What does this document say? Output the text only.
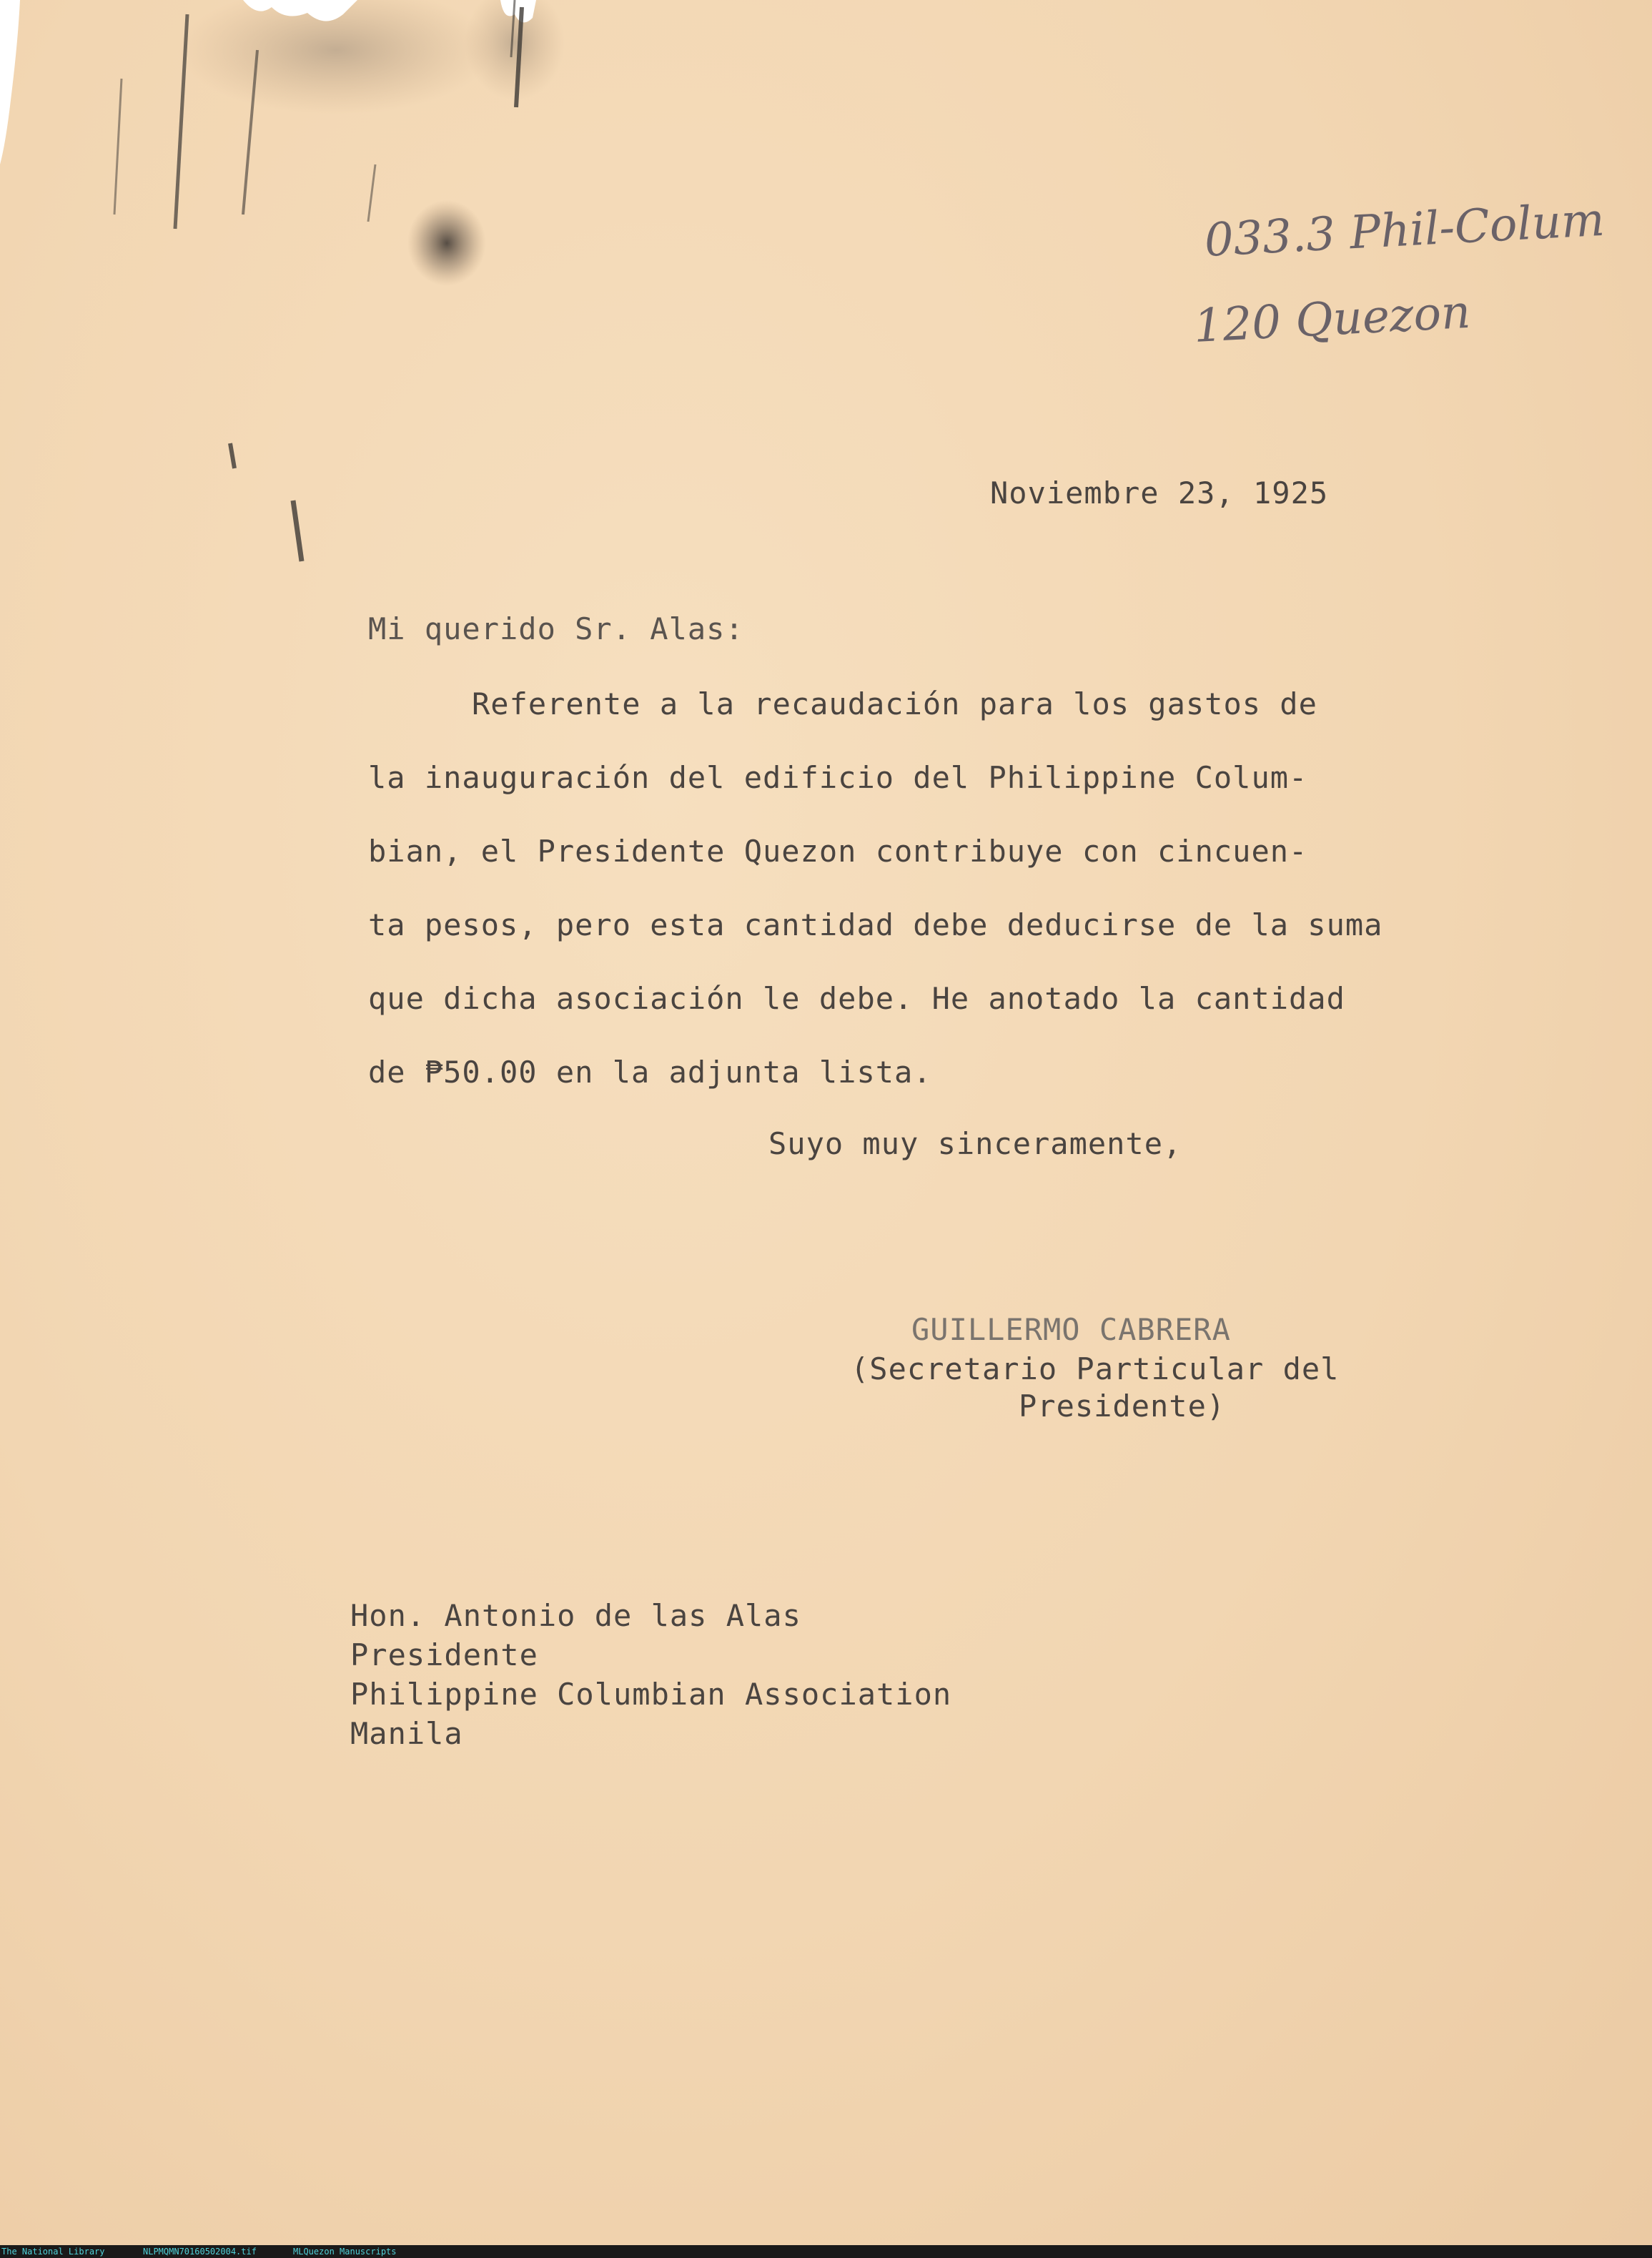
033.3 Phil-Colum
120 Quezon
Noviembre 23, 1925
Mi querido Sr. Alas:
Referente a la recaudación para los gastos de
la inauguración del edificio del Philippine Colum-
bian, el Presidente Quezon contribuye con cincuen-
ta pesos, pero esta cantidad debe deducirse de la suma
que dicha asociación le debe. He anotado la cantidad
de ₱50.00 en la adjunta lista.
Suyo muy sinceramente,
GUILLERMO CABRERA
(Secretario Particular del
Presidente)
Hon. Antonio de las Alas
Presidente
Philippine Columbian Association
Manila
The National Library	NLPMQMN70160502004.tif	MLQuezon Manuscripts
